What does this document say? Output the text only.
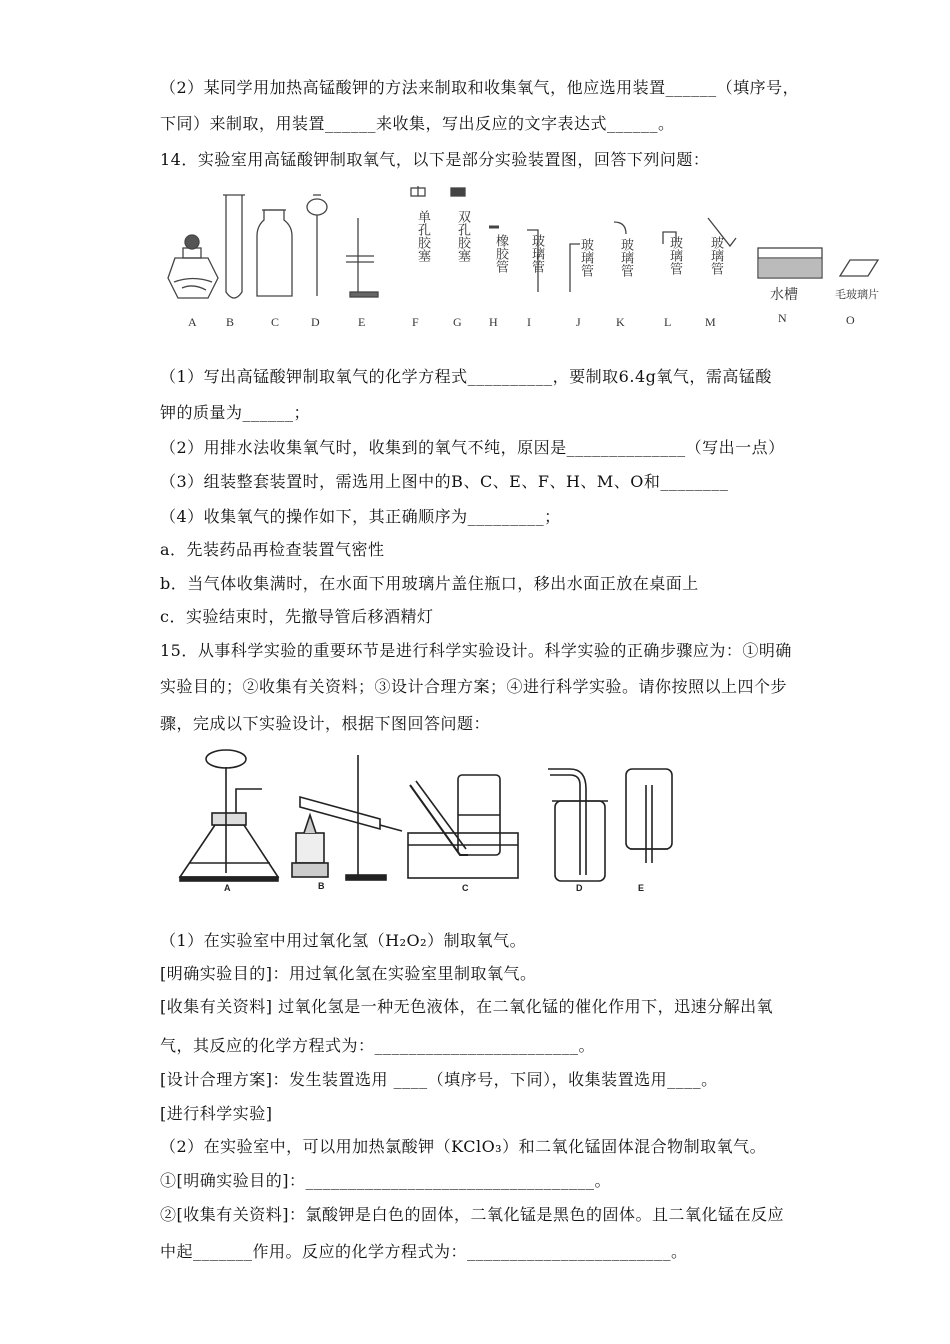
（2）某同学用加热高锰酸钾的方法来制取和收集氧气，他应选用装置______（填序号，
下同）来制取，用装置______来收集，写出反应的文字表达式______。
14．实验室用高锰酸钾制取氧气，以下是部分实验装置图，回答下列问题：
A B	C	D	E	F	G H I	J	K	L	M	N	O
单孔胶塞	双孔胶塞	橡胶管	玻璃管	玻璃管	玻璃管	玻璃管	玻璃管
水槽	毛玻璃片
（1）写出高锰酸钾制取氧气的化学方程式__________，要制取6.4g氧气，需高锰酸
钾的质量为______；
（2）用排水法收集氧气时，收集到的氧气不纯，原因是______________（写出一点）
（3）组装整套装置时，需选用上图中的B、C、E、F、H、M、O和________
（4）收集氧气的操作如下，其正确顺序为_________；
a．先装药品再检查装置气密性
b．当气体收集满时，在水面下用玻璃片盖住瓶口，移出水面正放在桌面上
c．实验结束时，先撤导管后移酒精灯
15．从事科学实验的重要环节是进行科学实验设计。科学实验的正确步骤应为：①明确
实验目的；②收集有关资料；③设计合理方案；④进行科学实验。请你按照以上四个步
骤，完成以下实验设计，根据下图回答问题：
A	B	C	D	E
（1）在实验室中用过氧化氢（H₂O₂）制取氧气。
[明确实验目的]：用过氧化氢在实验室里制取氧气。
[收集有关资料] 过氧化氢是一种无色液体，在二氧化锰的催化作用下，迅速分解出氧
气，其反应的化学方程式为：________________________。
[设计合理方案]：发生装置选用 ____（填序号，下同），收集装置选用____。
[进行科学实验]
（2）在实验室中，可以用加热氯酸钾（KClO₃）和二氧化锰固体混合物制取氧气。
①[明确实验目的]：__________________________________。
②[收集有关资料]：氯酸钾是白色的固体，二氧化锰是黑色的固体。且二氧化锰在反应
中起_______作用。反应的化学方程式为：________________________。
